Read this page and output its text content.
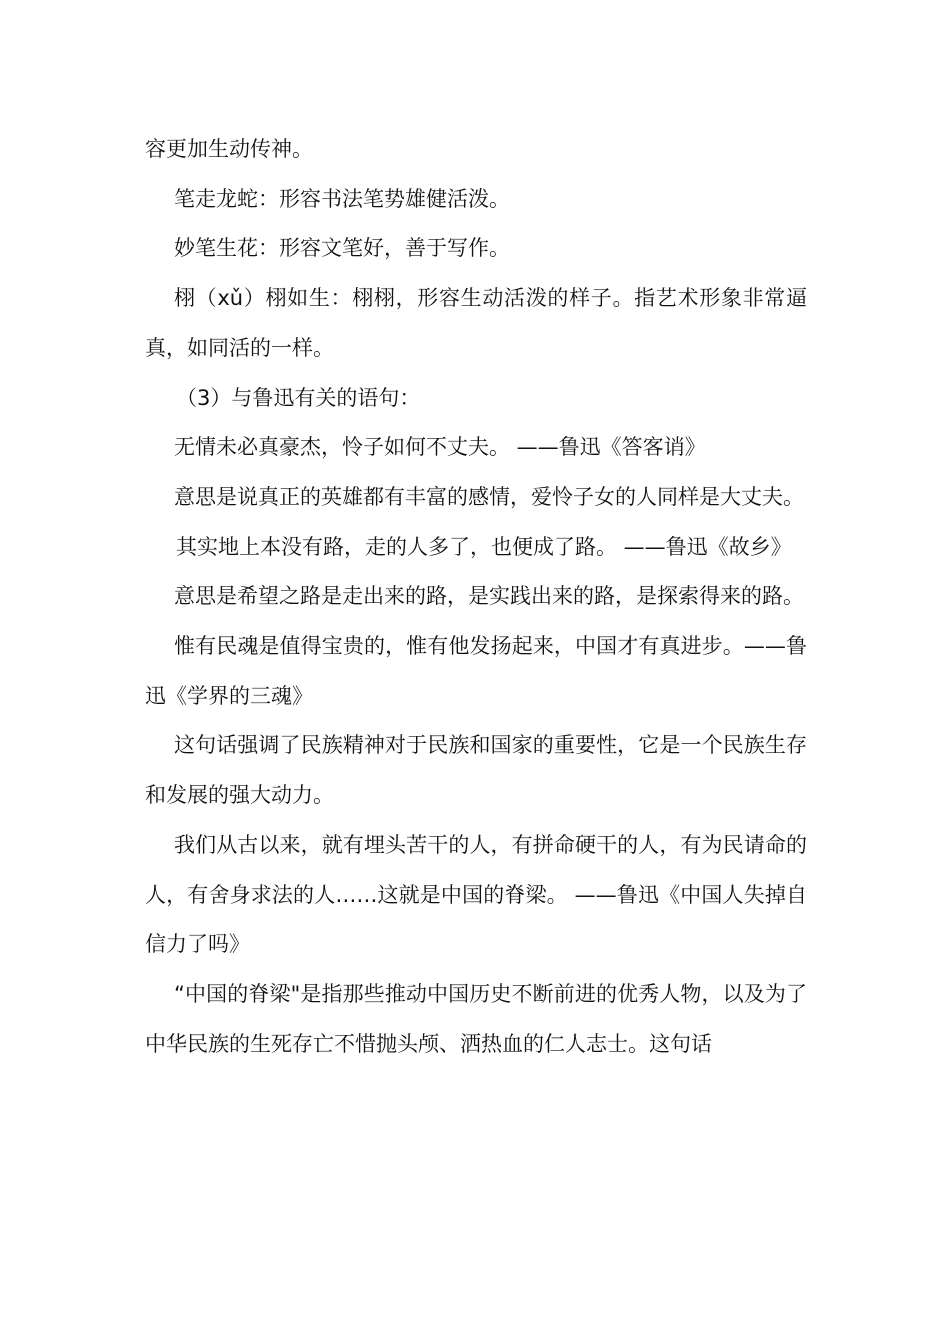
容更加生动传神。

笔走龙蛇：形容书法笔势雄健活泼。

妙笔生花：形容文笔好，善于写作。

栩（xǔ）栩如生：栩栩，形容生动活泼的样子。指艺术形象非常逼真，如同活的一样。

（3）与鲁迅有关的语句：

无情未必真豪杰，怜子如何不丈夫。 ——鲁迅《答客诮》

意思是说真正的英雄都有丰富的感情，爱怜子女的人同样是大丈夫。

其实地上本没有路，走的人多了，也便成了路。 ——鲁迅《故乡》

意思是希望之路是走出来的路，是实践出来的路，是探索得来的路。

惟有民魂是值得宝贵的，惟有他发扬起来，中国才有真进步。——鲁迅《学界的三魂》

这句话强调了民族精神对于民族和国家的重要性，它是一个民族生存和发展的强大动力。

我们从古以来，就有埋头苦干的人，有拼命硬干的人，有为民请命的人，有舍身求法的人……这就是中国的脊梁。 ——鲁迅《中国人失掉自信力了吗》

“中国的脊梁"是指那些推动中国历史不断前进的优秀人物，以及为了中华民族的生死存亡不惜抛头颅、洒热血的仁人志士。这句话
